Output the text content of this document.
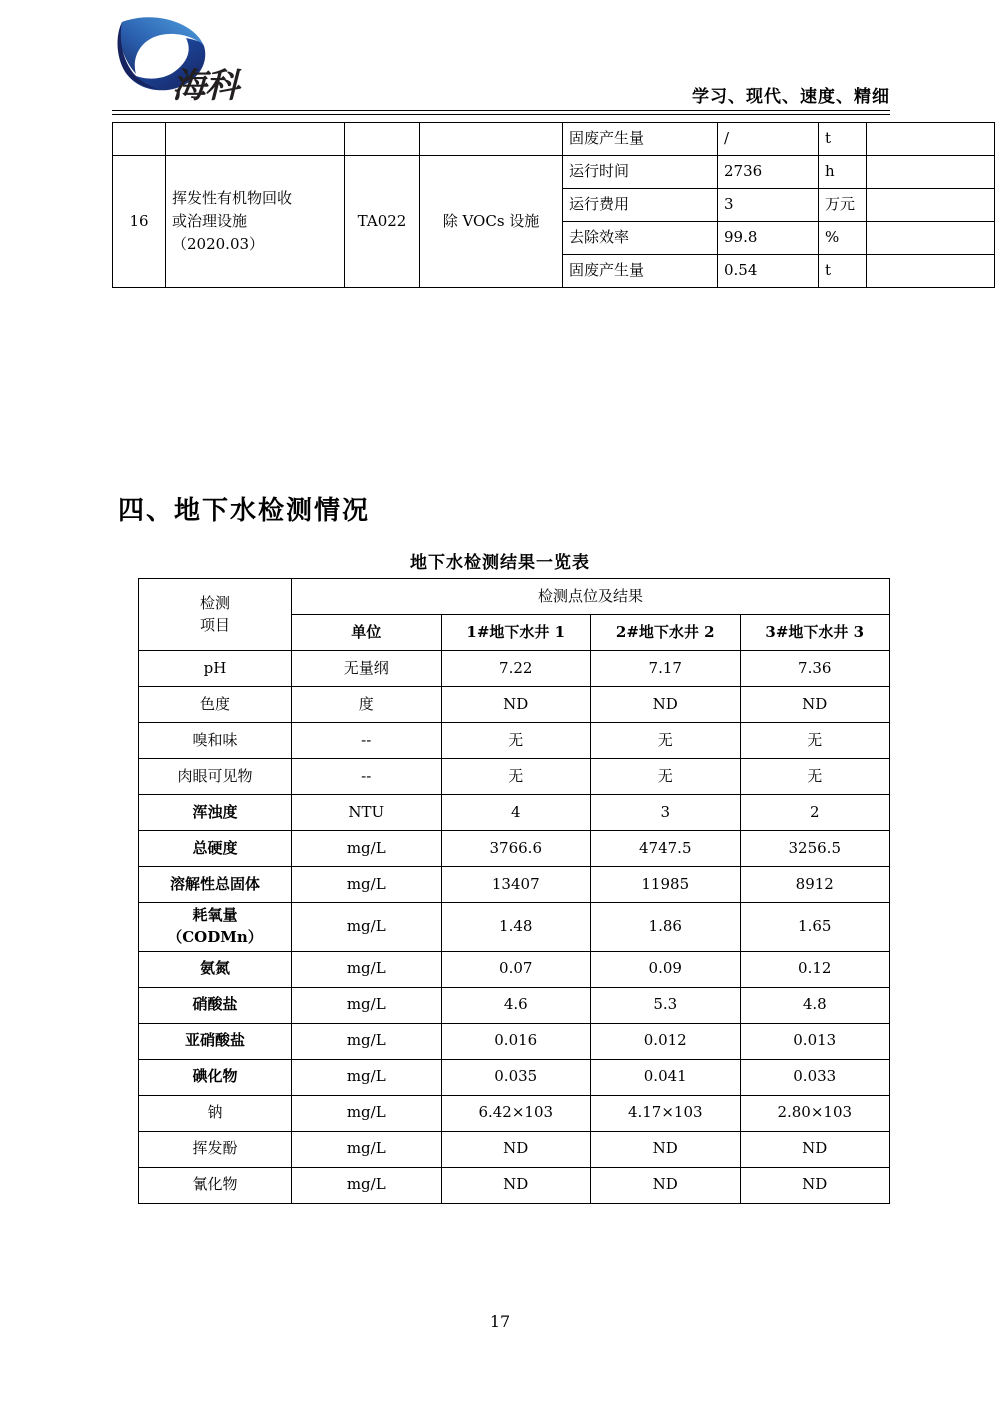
海科	学习、现代、速度、精细
				固废产生量	/	t	
16	挥发性有机物回收
或治理设施
（2020.03）	TA022	除 VOCs 设施	运行时间	2736	h	
				运行费用	3	万元	
				去除效率	99.8	%	
				固废产生量	0.54	t	
四、地下水检测情况
地下水检测结果一览表
检测
项目	检测点位及结果			
	单位	1#地下水井 1	2#地下水井 2	3#地下水井 3
pH	无量纲	7.22	7.17	7.36
色度	度	ND	ND	ND
嗅和味	--	无	无	无
肉眼可见物	--	无	无	无
浑浊度	NTU	4	3	2
总硬度	mg/L	3766.6	4747.5	3256.5
溶解性总固体	mg/L	13407	11985	8912

耗氧量
（CODMn）	mg/L	1.48	1.86	1.65
氨氮	mg/L	0.07	0.09	0.12
硝酸盐	mg/L	4.6	5.3	4.8
亚硝酸盐	mg/L	0.016	0.012	0.013
碘化物	mg/L	0.035	0.041	0.033
钠	mg/L	6.42×103	4.17×103	2.80×103
挥发酚	mg/L	ND	ND	ND
氰化物	mg/L	ND	ND	ND
17
